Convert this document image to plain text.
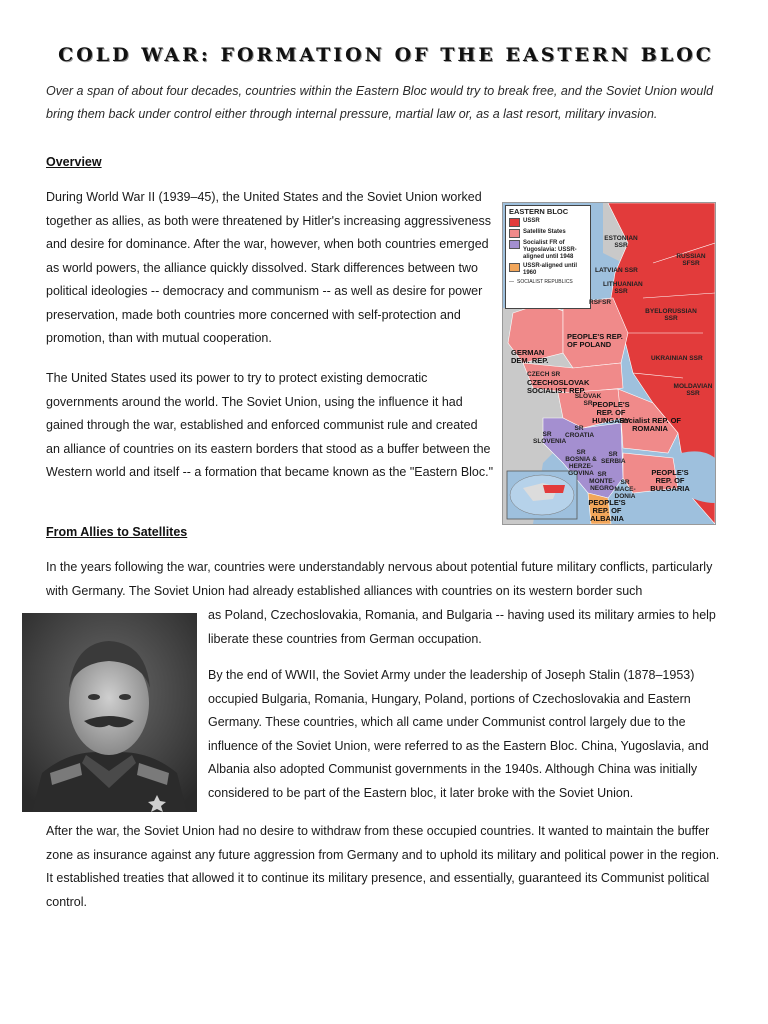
COLD WAR: FORMATION OF THE EASTERN BLOC

Over a span of about four decades, countries within the Eastern Bloc would try to break free, and the Soviet Union would bring them back under control either through internal pressure, martial law or, as a last resort, military invasion.

Overview

During World War II (1939–45), the United States and the Soviet Union worked together as allies, as both were threatened by Hitler's increasing aggressiveness and desire for dominance. After the war, however, when both countries emerged as world powers, the alliance quickly dissolved. Stark differences between two political ideologies -- democracy and communism -- as well as desire for power preservation, made both countries more concerned with self-protection and promotion, than with mutual cooperation.

The United States used its power to try to protect existing democratic governments around the world. The Soviet Union, using the influence it had gained through the war, established and enforced communist rule and created an alliance of countries on its eastern borders that stood as a buffer between the Western world and itself -- a formation that became known as the "Eastern Bloc."

EASTERN BLOC
USSR
Satellite States
Socialist FR of Yugoslavia: USSR-aligned until 1948
USSR-aligned until 1960
— SOCIALIST REPUBLICS
ESTONIAN SSR
RUSSIAN SFSR
LATVIAN SSR
LITHUANIAN SSR
RSFSR
BYELORUSSIAN SSR
PEOPLE'S REP. OF POLAND
GERMAN DEM. REP.	UKRAINIAN SSR
CZECH SR
CZECHOSLOVAK SOCIALIST REP.
SLOVAK SR
MOLDAVIAN SSR
PEOPLE'S REP. OF HUNGARY
Socialist REP. OF ROMANIA
SR SLOVENIA
SR CROATIA
SR BOSNIA & HERZE-GOVINA
SR SERBIA
SR MONTE-NEGRO
SR MACE-DONIA
PEOPLE'S REP. OF BULGARIA
PEOPLE'S REP. OF ALBANIA
From Allies to Satellites

In the years following the war, countries were understandably nervous about potential future military conflicts, particularly with Germany. The Soviet Union had already established alliances with countries on its western border such

as Poland, Czechoslovakia, Romania, and Bulgaria -- having used its military armies to help liberate these countries from German occupation.

By the end of WWII, the Soviet Army under the leadership of Joseph Stalin (1878–1953) occupied Bulgaria, Romania, Hungary, Poland, portions of Czechoslovakia and Eastern Germany. These countries, which all came under Communist control largely due to the influence of the Soviet Union, were referred to as the Eastern Bloc. China, Yugoslavia, and Albania also adopted Communist governments in the 1940s. Although China was initially considered to be part of the Eastern bloc, it later broke with the Soviet Union.

After the war, the Soviet Union had no desire to withdraw from these occupied countries. It wanted to maintain the buffer zone as insurance against any future aggression from Germany and to uphold its military and political power in the region. It established treaties that allowed it to continue its military presence, and essentially, guaranteed its Communist political control.
